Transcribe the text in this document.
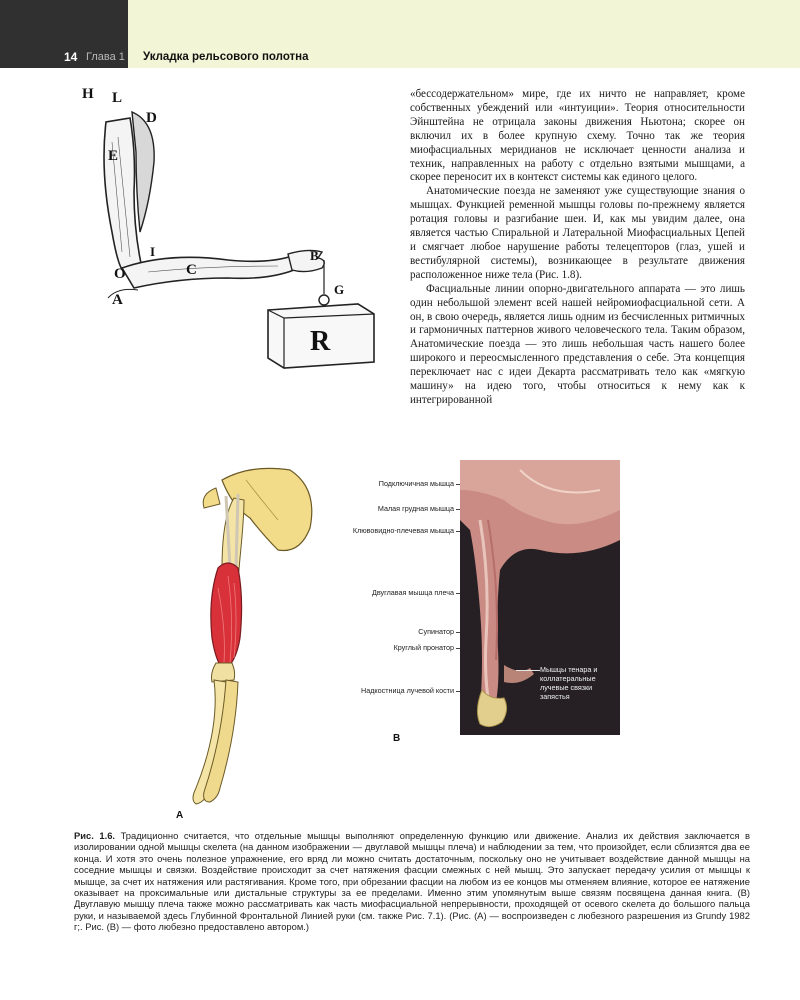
14 Глава 1 Укладка рельсового полотна
H L
D
E
I
O	C
B
A
G
R

«бессодержательном» мире, где их ничто не направляет, кроме собственных убеждений или «интуиции». Теория относительности Эйнштейна не отрицала законы движения Ньютона; скорее он включил их в более крупную схему. Точно так же теория миофасциальных меридианов не исключает ценности анализа и техник, направленных на работу с отдельно взятыми мышцами, а скорее переносит их в контекст системы как единого целого.

Анатомические поезда не заменяют уже существующие знания о мышцах. Функцией ременной мышцы головы по-прежнему является ротация головы и разгибание шеи. И, как мы увидим далее, она является частью Спиральной и Латеральной Миофасциальных Цепей и смягчает любое нарушение работы телецепторов (глаз, ушей и вестибулярной системы), возникающее в результате движения расположенное ниже тела (Рис. 1.8).

Фасциальные линии опорно-двигательного аппарата — это лишь один небольшой элемент всей нашей нейромиофасциальной сети. А он, в свою очередь, является лишь одним из бесчисленных ритмичных и гармоничных паттернов живого человеческого тела. Таким образом, Анатомические поезда — это лишь небольшая часть нашего более широкого и переосмысленного представления о себе. Эта концепция переключает нас с идеи Декарта рассматривать тело как «мягкую машину» на идею того, чтобы относиться к нему как к интегрированной

A
Подключичная мышца
Малая грудная мышца
Клювовидно-плечевая мышца
Двуглавая мышца плеча
Супинатор
Круглый пронатор
Надкостница лучевой кости
Мышцы тенара и коллатеральные лучевые связки запястья
B
Рис. 1.6. Традиционно считается, что отдельные мышцы выполняют определенную функцию или движение. Анализ их действия заключается в изолировании одной мышцы скелета (на данном изображении — двуглавой мышцы плеча) и наблюдении за тем, что произойдет, если сблизятся два ее конца. И хотя это очень полезное упражнение, его вряд ли можно считать достаточным, поскольку оно не учитывает воздействие данной мышцы на соседние мышцы и связки. Воздействие происходит за счет натяжения фасции смежных с ней мышц. Это запускает передачу усилия от мышцы к мышце, за счет их натяжения или растягивания. Кроме того, при обрезании фасции на любом из ее концов мы отменяем влияние, которое ее натяжение оказывает на проксимальные или дистальные структуры за ее пределами. Именно этим упомянутым выше связям посвящена данная книга. (B) Двуглавую мышцу плеча также можно рассматривать как часть миофасциальной непрерывности, проходящей от осевого скелета до большого пальца руки, и называемой здесь Глубинной Фронтальной Линией руки (см. также Рис. 7.1). (Рис. (A) — воспроизведен с любезного разрешения из Grundy 1982 г;. Рис. (B) — фото любезно предоставлено автором.)
